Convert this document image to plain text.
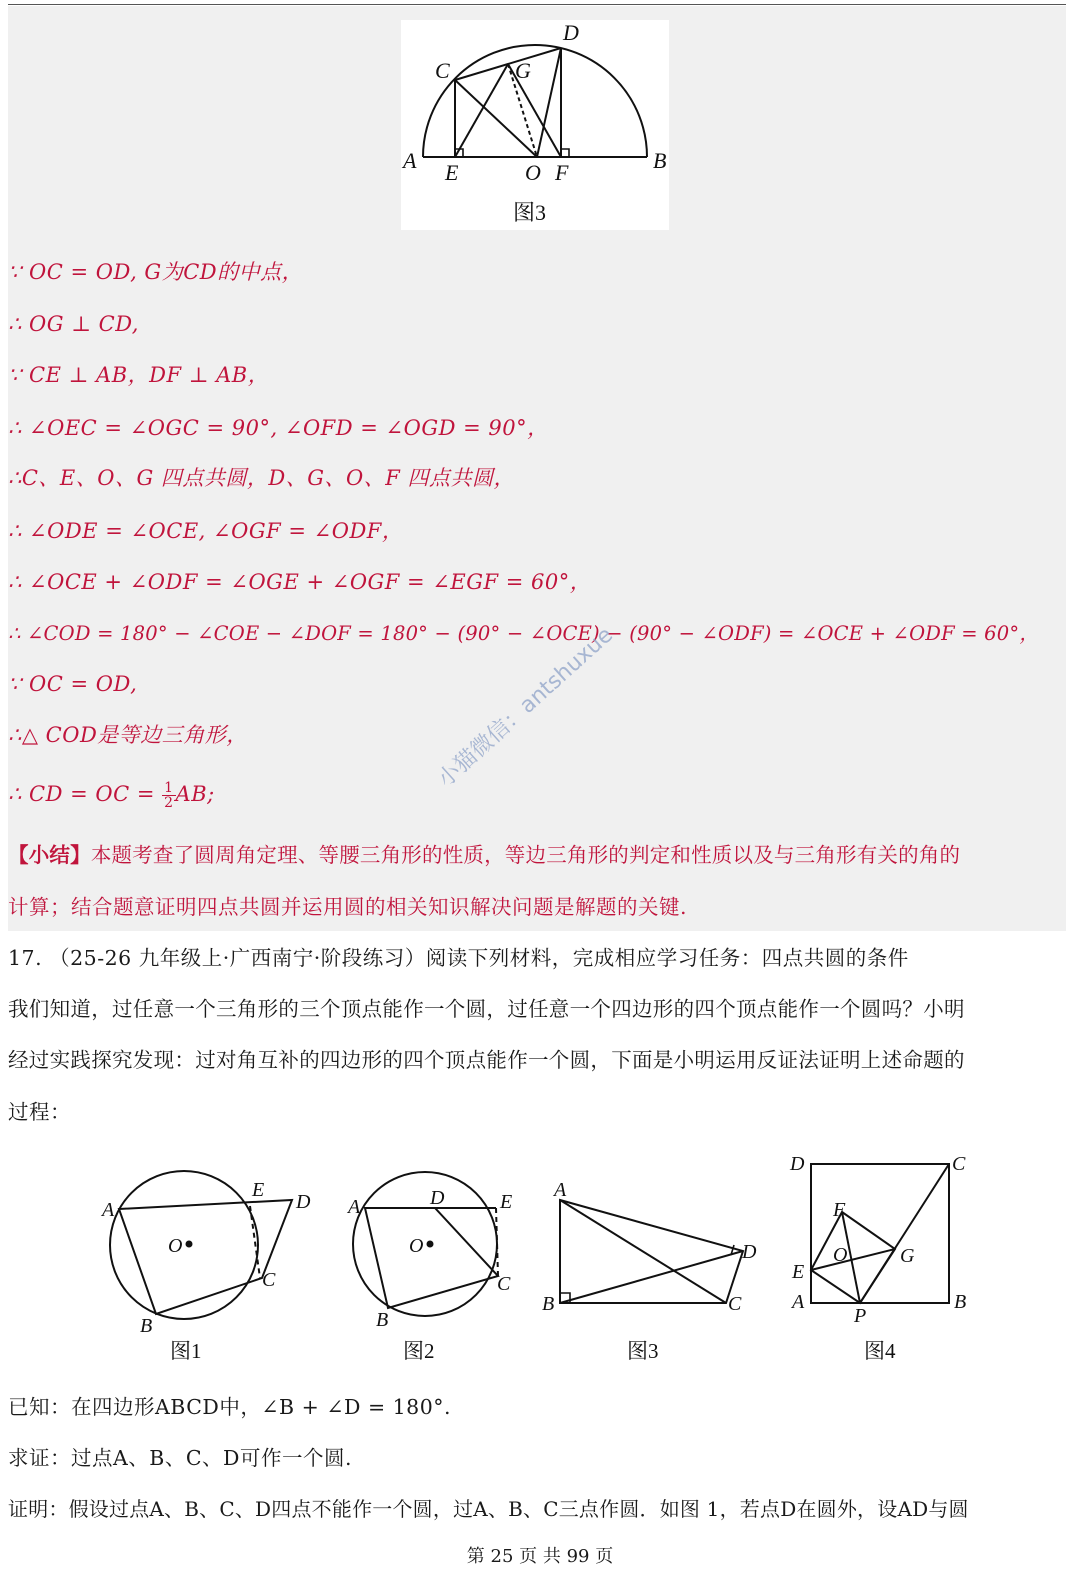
A	B
C
D
E	F
G
O
图3
∵ OC = OD, G为CD的中点，
∴ OG ⊥ CD,
∵ CE ⊥ AB，DF ⊥ AB，
∴ ∠OEC = ∠OGC = 90°, ∠OFD = ∠OGD = 90°，
∴C、E、O、G 四点共圆，D、G、O、F 四点共圆，
∴ ∠ODE = ∠OCE, ∠OGF = ∠ODF，
∴ ∠OCE + ∠ODF = ∠OGE + ∠OGF = ∠EGF = 60°，
∴ ∠COD = 180° − ∠COE − ∠DOF = 180° − (90° − ∠OCE) − (90° − ∠ODF) = ∠OCE + ∠ODF = 60°，
∵ OC = OD,
∴△ COD是等边三角形，
∴ CD = OC = $\frac{1}{2}$ AB;
【小结】本题考查了圆周角定理、等腰三角形的性质，等边三角形的判定和性质以及与三角形有关的角的
计算；结合题意证明四点共圆并运用圆的相关知识解决问题是解题的关键.
17. （25-26 九年级上·广西南宁·阶段练习）阅读下列材料，完成相应学习任务：四点共圆的条件
我们知道，过任意一个三角形的三个顶点能作一个圆，过任意一个四边形的四个顶点能作一个圆吗？小明
经过实践探究发现：过对角互补的四边形的四个顶点能作一个圆，下面是小明运用反证法证明上述命题的
过程：
A
B
C
D
E
O
A
B
C
D	E
O
A
B	C
D
A	B
C
D
E
F
G
O
P
图1	图2	图3	图4
已知：在四边形ABCD中，∠B + ∠D = 180°.
求证：过点A、B、C、D可作一个圆.
证明：假设过点A、B、C、D四点不能作一个圆，过A、B、C三点作圆．如图 1，若点D在圆外，设AD与圆
小猫微信：antshuxue
第 25 页 共 99 页
